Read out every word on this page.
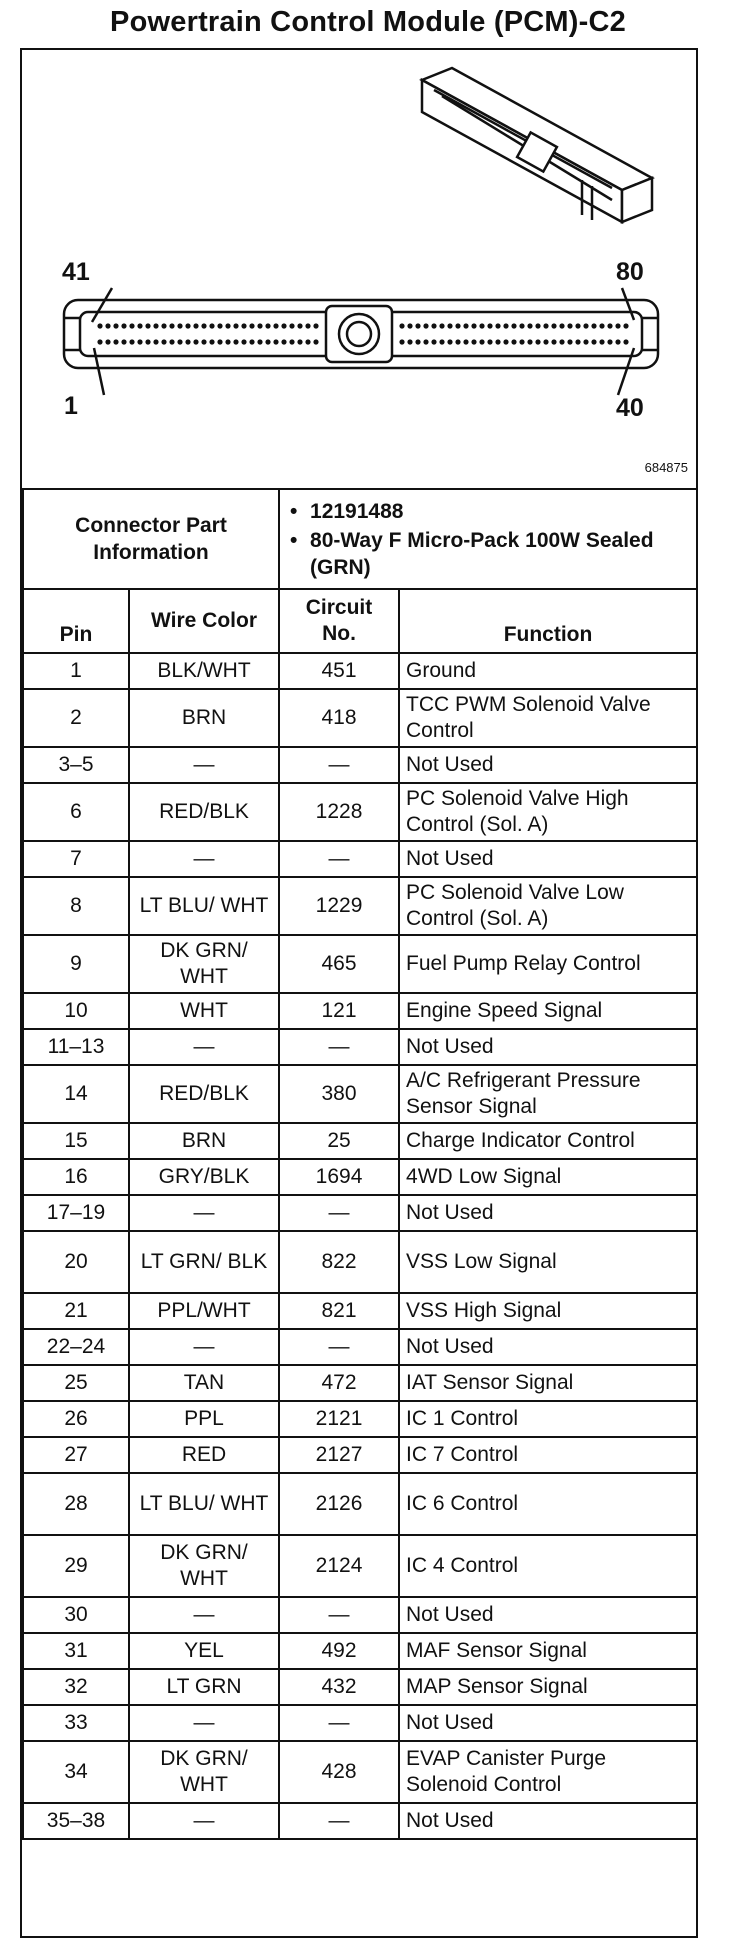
Powertrain Control Module (PCM)-C2
41	80
1	40
684875
Connector Part Information		• 12191488
• 80-Way F Micro-Pack 100W Sealed (GRN)

Pin	Wire Color	Circuit No.	Function
1	BLK/WHT	451	Ground
2	BRN	418	TCC PWM Solenoid Valve Control
3–5	—	—	Not Used
6	RED/BLK	1228	PC Solenoid Valve High Control (Sol. A)
7	—	—	Not Used
8	LT BLU/ WHT	1229	PC Solenoid Valve Low Control (Sol. A)
9	DK GRN/ WHT	465	Fuel Pump Relay Control
10	WHT	121	Engine Speed Signal
11–13	—	—	Not Used
14	RED/BLK	380	A/C Refrigerant Pressure Sensor Signal
15	BRN	25	Charge Indicator Control
16	GRY/BLK	1694	4WD Low Signal
17–19	—	—	Not Used
20	LT GRN/ BLK	822	VSS Low Signal
21	PPL/WHT	821	VSS High Signal
22–24	—	—	Not Used
25	TAN	472	IAT Sensor Signal
26	PPL	2121	IC 1 Control
27	RED	2127	IC 7 Control
28	LT BLU/ WHT	2126	IC 6 Control
29	DK GRN/ WHT	2124	IC 4 Control
30	—	—	Not Used
31	YEL	492	MAF Sensor Signal
32	LT GRN	432	MAP Sensor Signal
33	—	—	Not Used
34	DK GRN/ WHT	428	EVAP Canister Purge Solenoid Control
35–38	—	—	Not Used
